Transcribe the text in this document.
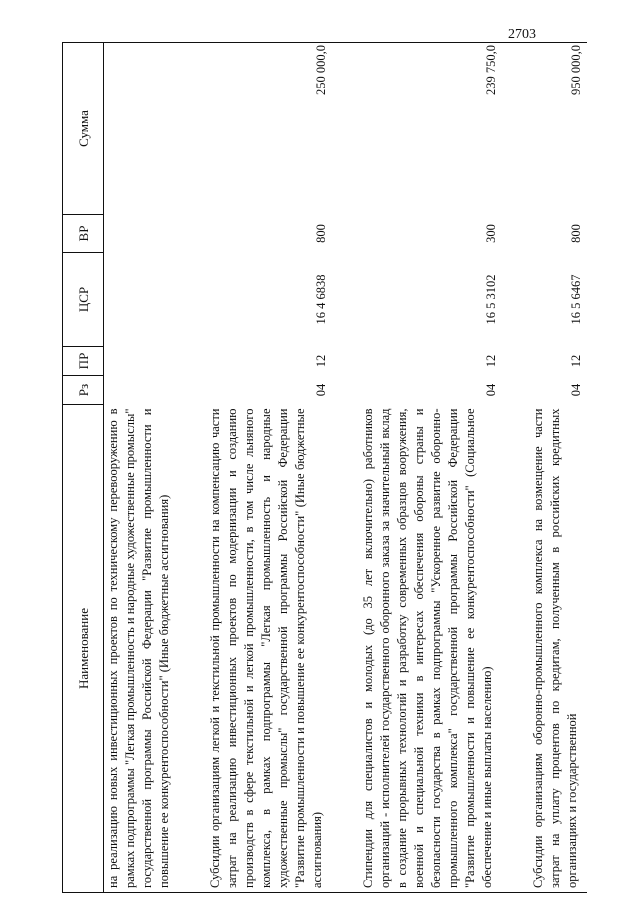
2703
Наименование	Рз	ПР	ЦСР	ВР	Сумма
на реализацию новых инвестиционных проектов по техническому перевооружению в рамках подпрограммы "Легкая промышленность и народные художественные промыслы" государственной программы Российской Федерации "Развитие промышленности и повышение ее конкурентоспособности" (Иные бюджетные ассигнования)					

Субсидии организациям легкой и текстильной промышленности на компенсацию части затрат на реализацию инвестиционных проектов по модернизации и созданию производств в сфере текстильной и легкой промышленности, в том числе льняного комплекса, в рамках подпрограммы "Легкая промышленность и народные художественные промыслы" государственной программы Российской Федерации "Развитие промышленности и повышение ее конкурентоспособности" (Иные бюджетные ассигнования)	04	12	16 4 6838	800	250 000,0

Стипендии для специалистов и молодых (до 35 лет включительно) работников организаций - исполнителей государственного оборонного заказа за значительный вклад в создание прорывных технологий и разработку современных образцов вооружения, военной и специальной техники в интересах обеспечения обороны страны и безопасности государства в рамках подпрограммы "Ускоренное развитие оборонно-промышленного комплекса" государственной программы Российской Федерации "Развитие промышленности и повышение ее конкурентоспособности" (Социальное обеспечение и иные выплаты населению)	04	12	16 5 3102	300	239 750,0

Субсидии организациям оборонно-промышленного комплекса на возмещение части затрат на уплату процентов по кредитам, полученным в российских кредитных организациях и государственной	04	12	16 5 6467	800	950 000,0
